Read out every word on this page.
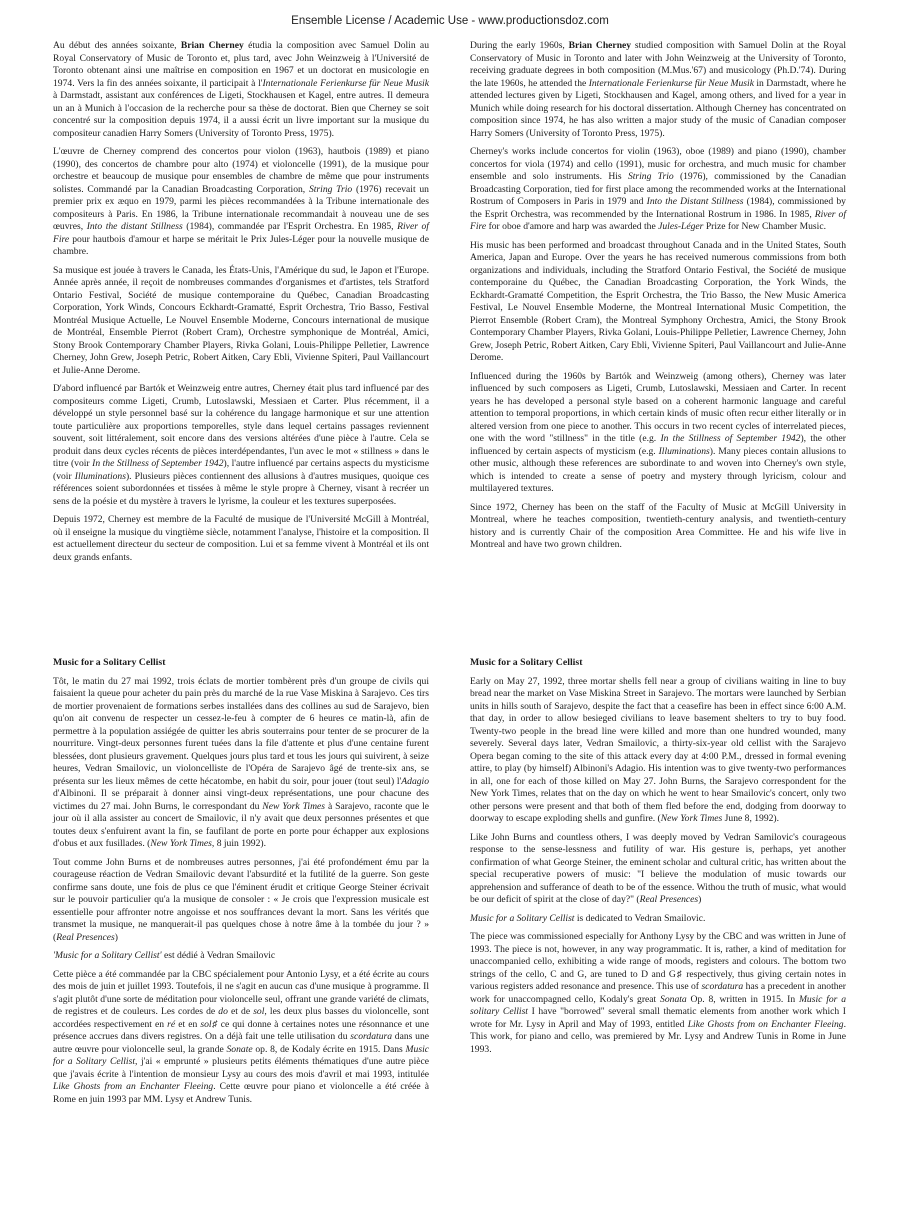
Ensemble License / Academic Use - www.productionsdoz.com

Au début des années soixante, Brian Cherney étudia la composition avec Samuel Dolin au Royal Conservatory of Music de Toronto et, plus tard, avec John Weinzweig à l'Université de Toronto obtenant ainsi une maîtrise en composition en 1967 et un doctorat en musicologie en 1974. Vers la fin des années soixante, il participait à l'Internationale Ferienkurse für Neue Musik à Darmstadt, assistant aux conférences de Ligeti, Stockhausen et Kagel, entre autres. Il demeura un an à Munich à l'occasion de la recherche pour sa thèse de doctorat. Bien que Cherney se soit concentré sur la composition depuis 1974, il a aussi écrit un livre important sur la musique du compositeur canadien Harry Somers (University of Toronto Press, 1975).

L'œuvre de Cherney comprend des concertos pour violon (1963), hautbois (1989) et piano (1990), des concertos de chambre pour alto (1974) et violoncelle (1991), de la musique pour orchestre et beaucoup de musique pour ensembles de chambre de même que pour instruments solistes. Commandé par la Canadian Broadcasting Corporation, String Trio (1976) recevait un premier prix ex æquo en 1979, parmi les pièces recommandées à la Tribune internationale des compositeurs à Paris. En 1986, la Tribune internationale recommandait à nouveau une de ses œuvres, Into the distant Stillness (1984), commandée par l'Esprit Orchestra. En 1985, River of Fire pour hautbois d'amour et harpe se méritait le Prix Jules-Léger pour la nouvelle musique de chambre.

Sa musique est jouée à travers le Canada, les États-Unis, l'Amérique du sud, le Japon et l'Europe. Année après année, il reçoit de nombreuses commandes d'organismes et d'artistes, tels Stratford Ontario Festival, Société de musique contemporaine du Québec, Canadian Broadcasting Corporation, York Winds, Concours Eckhardt-Gramatté, Esprit Orchestra, Trio Basso, Festival Montréal Musique Actuelle, Le Nouvel Ensemble Moderne, Concours international de musique de Montréal, Ensemble Pierrot (Robert Cram), Orchestre symphonique de Montréal, Amici, Stony Brook Contemporary Chamber Players, Rivka Golani, Louis-Philippe Pelletier, Lawrence Cherney, John Grew, Joseph Petric, Robert Aitken, Cary Ebli, Vivienne Spiteri, Paul Vaillancourt et Julie-Anne Derome.

D'abord influencé par Bartók et Weinzweig entre autres, Cherney était plus tard influencé par des compositeurs comme Ligeti, Crumb, Lutoslawski, Messiaen et Carter. Plus récemment, il a développé un style personnel basé sur la cohérence du langage harmonique et sur une attention toute particulière aux proportions temporelles, style dans lequel certains passages reviennent souvent, soit littéralement, soit encore dans des versions altérées d'une pièce à l'autre. Cela se produit dans deux cycles récents de pièces interdépendantes, l'un avec le mot « stillness » dans le titre (voir In the Stillness of September 1942), l'autre influencé par certains aspects du mysticisme (voir Illuminations). Plusieurs pièces contiennent des allusions à d'autres musiques, quoique ces références soient subordonnées et tissées à même le style propre à Cherney, visant à recréer un sens de la poésie et du mystère à travers le lyrisme, la couleur et les textures superposées.

Depuis 1972, Cherney est membre de la Faculté de musique de l'Université McGill à Montréal, où il enseigne la musique du vingtième siècle, notamment l'analyse, l'histoire et la composition. Il est actuellement directeur du secteur de composition. Lui et sa femme vivent à Montréal et ils ont deux grands enfants.

During the early 1960s, Brian Cherney studied composition with Samuel Dolin at the Royal Conservatory of Music in Toronto and later with John Weinzweig at the University of Toronto, receiving graduate degrees in both composition (M.Mus.'67) and musicology (Ph.D.'74). During the late 1960s, he attended the Internationale Ferienkurse für Neue Musik in Darmstadt, where he attended lectures given by Ligeti, Stockhausen and Kagel, among others, and lived for a year in Munich while doing research for his doctoral dissertation. Although Cherney has concentrated on composition since 1974, he has also written a major study of the music of Canadian composer Harry Somers (University of Toronto Press, 1975).

Cherney's works include concertos for violin (1963), oboe (1989) and piano (1990), chamber concertos for viola (1974) and cello (1991), music for orchestra, and much music for chamber ensemble and solo instruments. His String Trio (1976), commissioned by the Canadian Broadcasting Corporation, tied for first place among the recommended works at the International Rostrum of Composers in Paris in 1979 and Into the Distant Stillness (1984), commissioned by the Esprit Orchestra, was recommended by the International Rostrum in 1986. In 1985, River of Fire for oboe d'amore and harp was awarded the Jules-Léger Prize for New Chamber Music.

His music has been performed and broadcast throughout Canada and in the United States, South America, Japan and Europe. Over the years he has received numerous commissions from both organizations and individuals, including the Stratford Ontario Festival, the Société de musique contemporaine du Québec, the Canadian Broadcasting Corporation, the York Winds, the Eckhardt-Gramatté Competition, the Esprit Orchestra, the Trio Basso, the New Music America Festival, Le Nouvel Ensemble Moderne, the Montreal International Music Competition, the Pierrot Ensemble (Robert Cram), the Montreal Symphony Orchestra, Amici, the Stony Brook Contemporary Chamber Players, Rivka Golani, Louis-Philippe Pelletier, Lawrence Cherney, John Grew, Joseph Petric, Robert Aitken, Cary Ebli, Vivienne Spiteri, Paul Vaillancourt and Julie-Anne Derome.

Influenced during the 1960s by Bartók and Weinzweig (among others), Cherney was later influenced by such composers as Ligeti, Crumb, Lutoslawski, Messiaen and Carter. In recent years he has developed a personal style based on a coherent harmonic language and careful attention to temporal proportions, in which certain kinds of music often recur either literally or in altered version from one piece to another. This occurs in two recent cycles of interrelated pieces, one with the word "stillness" in the title (e.g. In the Stillness of September 1942), the other influenced by certain aspects of mysticism (e.g. Illuminations). Many pieces contain allusions to other music, although these references are subordinate to and woven into Cherney's own style, which is intended to create a sense of poetry and mystery through lyricism, colour and multilayered textures.

Since 1972, Cherney has been on the staff of the Faculty of Music at McGill University in Montreal, where he teaches composition, twentieth-century analysis, and twentieth-century history and is currently Chair of the composition Area Committee. He and his wife live in Montreal and have two grown children.

Music for a Solitary Cellist

Tôt, le matin du 27 mai 1992, trois éclats de mortier tombèrent près d'un groupe de civils qui faisaient la queue pour acheter du pain près du marché de la rue Vase Miskina à Sarajevo. Ces tirs de mortier provenaient de formations serbes installées dans des collines au sud de Sarajevo, bien qu'on ait convenu de respecter un cessez-le-feu à compter de 6 heures ce matin-là, afin de permettre à la population assiégée de quitter les abris souterrains pour tenter de se procurer de la nourriture. Vingt-deux personnes furent tuées dans la file d'attente et plus d'une centaine furent blessées, dont plusieurs gravement. Quelques jours plus tard et tous les jours qui suivirent, à seize heures, Vedran Smailovic, un violoncelliste de l'Opéra de Sarajevo âgé de trente-six ans, se présenta sur les lieux mêmes de cette hécatombe, en habit du soir, pour jouer (tout seul) l'Adagio d'Albinoni. Il se préparait à donner ainsi vingt-deux représentations, une pour chacune des victimes du 27 mai. John Burns, le correspondant du New York Times à Sarajevo, raconte que le jour où il alla assister au concert de Smailovic, il n'y avait que deux personnes présentes et que toutes deux s'enfuirent avant la fin, se faufilant de porte en porte pour échapper aux explosions d'obus et aux fusillades. (New York Times, 8 juin 1992).

Tout comme John Burns et de nombreuses autres personnes, j'ai été profondément ému par la courageuse réaction de Vedran Smailovic devant l'absurdité et la futilité de la guerre. Son geste confirme sans doute, une fois de plus ce que l'éminent érudit et critique George Steiner écrivait sur le pouvoir particulier qu'a la musique de consoler : « Je crois que l'expression musicale est essentielle pour affronter notre angoisse et nos souffrances devant la mort. Sans les vérités que transmet la musique, ne manquerait-il pas quelques chose à notre âme à la tombée du jour ? » (Real Presences)

'Music for a Solitary Cellist' est dédié à Vedran Smailovic

Cette pièce a été commandée par la CBC spécialement pour Antonio Lysy, et a été écrite au cours des mois de juin et juillet 1993. Toutefois, il ne s'agit en aucun cas d'une musique à programme. Il s'agit plutôt d'une sorte de méditation pour violoncelle seul, offrant une grande variété de climats, de registres et de couleurs. Les cordes de do et de sol, les deux plus basses du violoncelle, sont accordées respectivement en ré et en sol♯ ce qui donne à certaines notes une résonnance et une présence accrues dans divers registres. On a déjà fait une telle utilisation du scordatura dans une autre œuvre pour violoncelle seul, la grande Sonate op. 8, de Kodaly écrite en 1915. Dans Music for a Solitary Cellist, j'ai « emprunté » plusieurs petits éléments thématiques d'une autre pièce que j'avais écrite à l'intention de monsieur Lysy au cours des mois d'avril et mai 1993, intitulée Like Ghosts from an Enchanter Fleeing. Cette œuvre pour piano et violoncelle a été créée à Rome en juin 1993 par MM. Lysy et Andrew Tunis.

Music for a Solitary Cellist

Early on May 27, 1992, three mortar shells fell near a group of civilians waiting in line to buy bread near the market on Vase Miskina Street in Sarajevo. The mortars were launched by Serbian units in hills south of Sarajevo, despite the fact that a ceasefire has been in effect since 6:00 A.M. that day, in order to allow besieged civilians to leave basement shelters to try to buy food. Twenty-two people in the bread line were killed and more than one hundred wounded, many severely. Several days later, Vedran Smailovic, a thirty-six-year old cellist with the Sarajevo Opera began coming to the site of this attack every day at 4:00 P.M., dressed in formal evening attire, to play (by himself) Albinoni's Adagio. His intention was to give twenty-two performances in all, one for each of those killed on May 27. John Burns, the Sarajevo correspondent for the New York Times, relates that on the day on which he went to hear Smailovic's concert, only two other persons were present and that both of them fled before the end, dodging from doorway to doorway to escape exploding shells and gunfire. (New York Times June 8, 1992).

Like John Burns and countless others, I was deeply moved by Vedran Samilovic's courageous response to the sense-lessness and futility of war. His gesture is, perhaps, yet another confirmation of what George Steiner, the eminent scholar and cultural critic, has written about the special recuperative powers of music: "I believe the modulation of music towards our apprehension and sufferance of death to be of the essence. Withou the truth of music, what would be our deficit of spirit at the close of day?" (Real Presences)

Music for a Solitary Cellist is dedicated to Vedran Smailovic.

The piece was commissioned especially for Anthony Lysy by the CBC and was written in June of 1993. The piece is not, however, in any way programmatic. It is, rather, a kind of meditation for unaccompanied cello, exhibiting a wide range of moods, registers and colours. The bottom two strings of the cello, C and G, are tuned to D and G♯ respectively, thus giving certain notes in various registers added resonance and presence. This use of scordatura has a precedent in another work for unaccompagned cello, Kodaly's great Sonata Op. 8, written in 1915. In Music for a solitary Cellist I have "borrowed" several small thematic elements from another work which I wrote for Mr. Lysy in April and May of 1993, entitled Like Ghosts from on Enchanter Fleeing. This work, for piano and cello, was premiered by Mr. Lysy and Andrew Tunis in Rome in June 1993.
